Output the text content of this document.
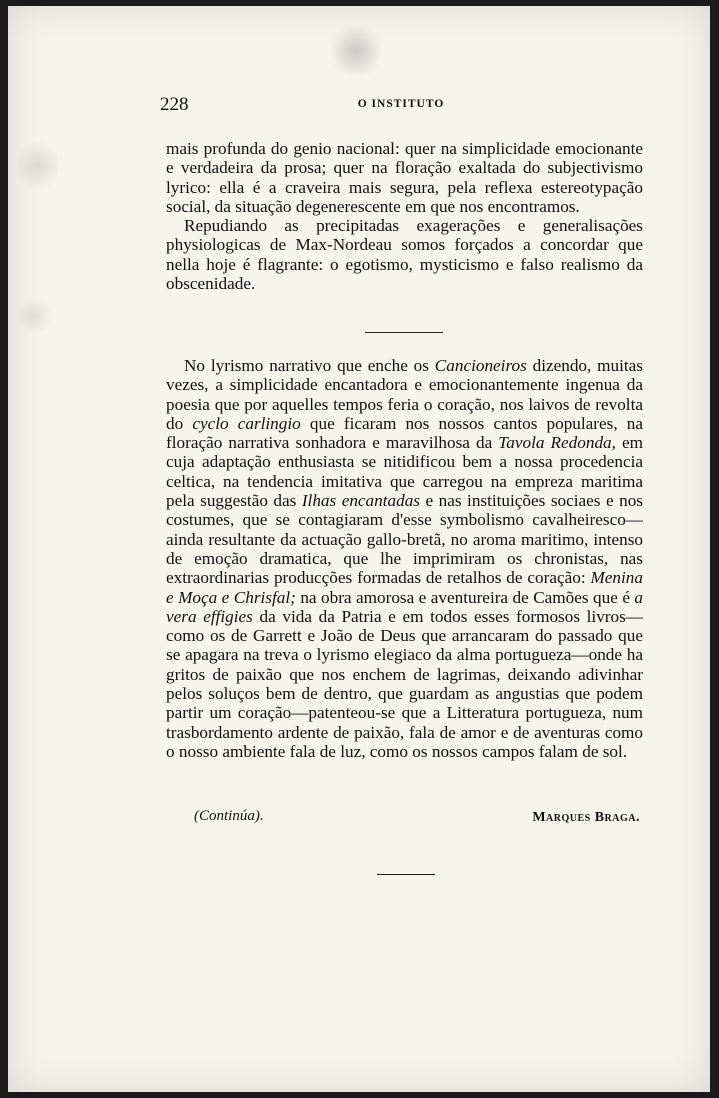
228	O INSTITUTO

mais profunda do genio nacional: quer na simplicidade emocionante e verdadeira da prosa; quer na floração exaltada do subjectivismo lyrico: ella é a craveira mais segura, pela reflexa estereotypação social, da situação degenerescente em que nos encontramos.

Repudiando as precipitadas exagerações e generalisações physiologicas de Max-Nordeau somos forçados a concordar que nella hoje é flagrante: o egotismo, mysticismo e falso realismo da obscenidade.

No lyrismo narrativo que enche os Cancioneiros dizendo, muitas vezes, a simplicidade encantadora e emocionantemente ingenua da poesia que por aquelles tempos feria o coração, nos laivos de revolta do cyclo carlingio que ficaram nos nossos cantos populares, na floração narrativa sonhadora e maravilhosa da Tavola Redonda, em cuja adaptação enthusiasta se nitidificou bem a nossa procedencia celtica, na tendencia imitativa que carregou na empreza maritima pela suggestão das Ilhas encantadas e nas instituições sociaes e nos costumes, que se contagiaram d'esse symbolismo cavalheiresco—ainda resultante da actuação gallo-bretã, no aroma maritimo, intenso de emoção dramatica, que lhe imprimiram os chronistas, nas extraordinarias producções formadas de retalhos de coração: Menina e Moça e Chrisfal; na obra amorosa e aventureira de Camões que é a vera effigies da vida da Patria e em todos esses formosos livros—como os de Garrett e João de Deus que arrancaram do passado que se apagara na treva o lyrismo elegiaco da alma portugueza—onde ha gritos de paixão que nos enchem de lagrimas, deixando adivinhar pelos soluços bem de dentro, que guardam as angustias que podem partir um coração—patenteou-se que a Litteratura portugueza, num trasbordamento ardente de paixão, fala de amor e de aventuras como o nosso ambiente fala de luz, como os nossos campos falam de sol.

(Continúa).	Marques Braga.
